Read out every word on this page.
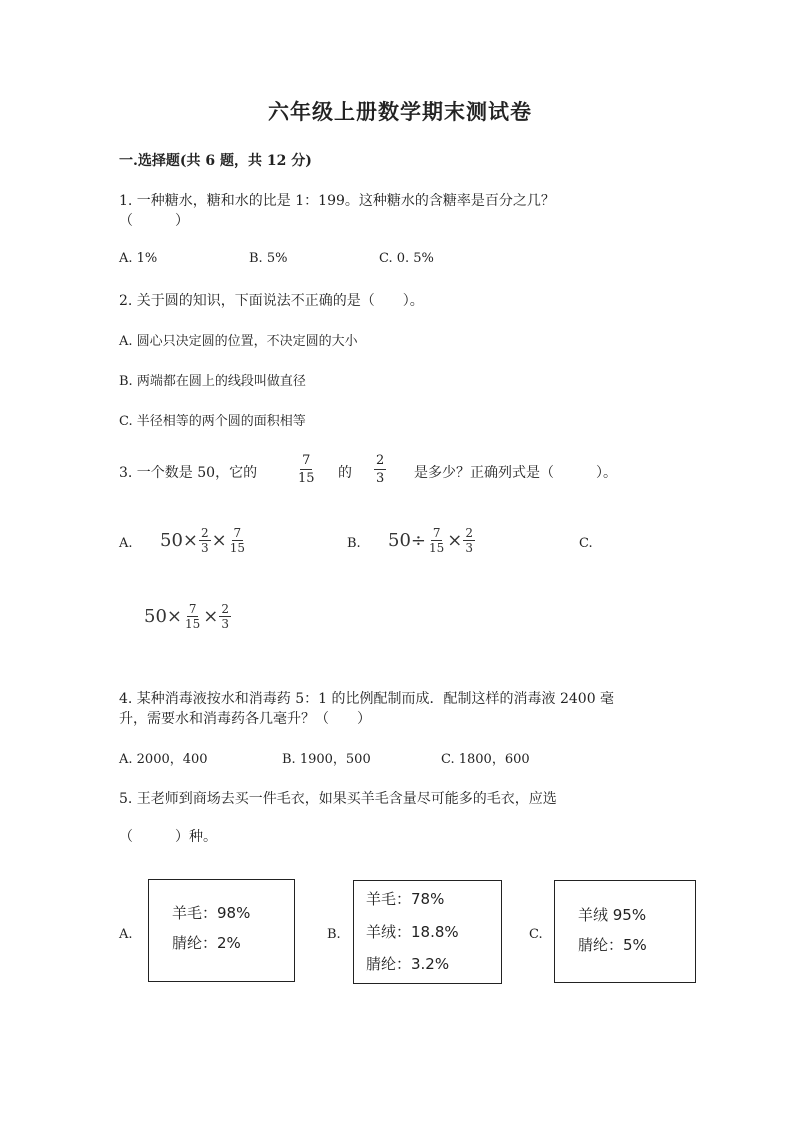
六年级上册数学期末测试卷
一.选择题(共 6 题，共 12 分)
1. 一种糖水，糖和水的比是 1：199。这种糖水的含糖率是百分之几？
（　　　）
A. 1%	B. 5%	C. 0. 5%
2. 关于圆的知识，下面说法不正确的是（　　）。
A. 圆心只决定圆的位置，不决定圆的大小
B. 两端都在圆上的线段叫做直径
C. 半径相等的两个圆的面积相等
3. 一个数是 50，它的	$\frac{7}{15}$ 的 $\frac{2}{3}$ 是多少？正确列式是（　　　）。
A. $50\times \frac{2}{3} \times \frac{7}{15}$	B. $50\div \frac{7}{15} \times \frac{2}{3}$	C.
$50\times \frac{7}{15} \times \frac{2}{3}$
4. 某种消毒液按水和消毒药 5：1 的比例配制而成．配制这样的消毒液 2400 毫
升，需要水和消毒药各几毫升？（　　）
A. 2000，400	B. 1900，500	C. 1800，600
5. 王老师到商场去买一件毛衣，如果买羊毛含量尽可能多的毛衣，应选
（　　　）种。
A.
羊毛：98%
腈纶：2%	B.
羊毛：78%
羊绒：18.8%
腈纶：3.2%
C.
羊绒 95%
腈纶：5%
